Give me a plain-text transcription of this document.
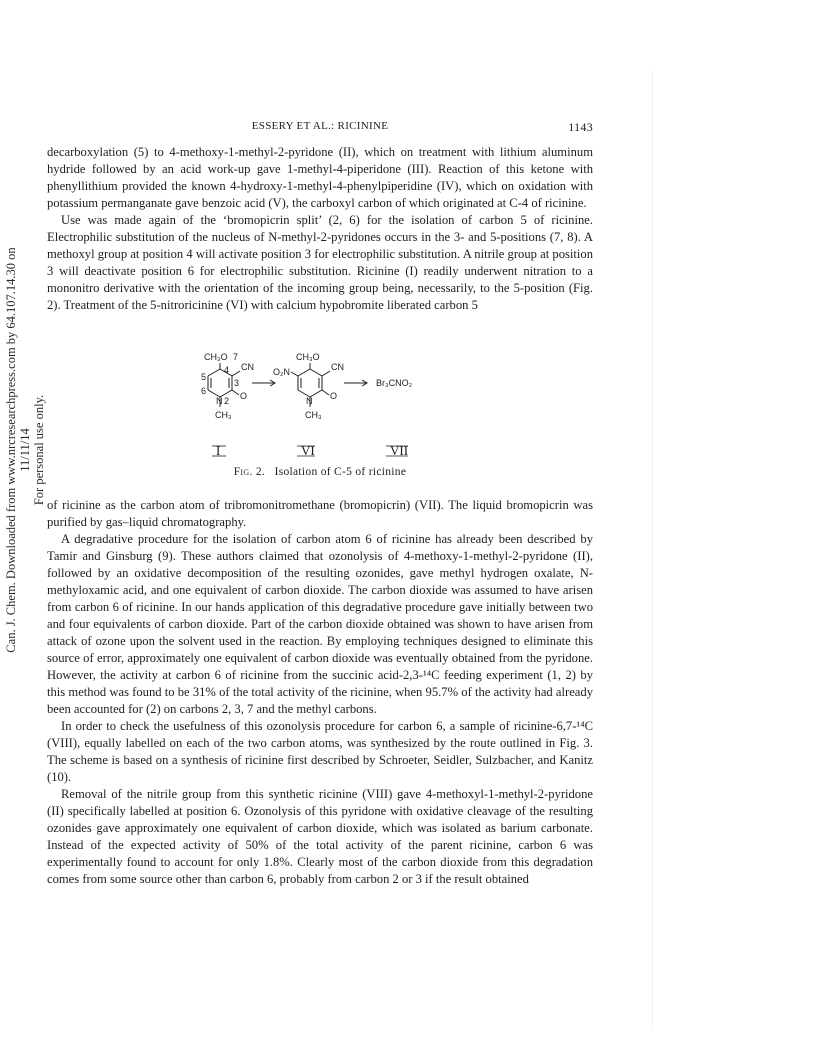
Can. J. Chem. Downloaded from www.nrcresearchpress.com by 64.107.14.30 on 11/11/14 For personal use only.
ESSERY ET AL.: RICININE	1143

decarboxylation (5) to 4-methoxy-1-methyl-2-pyridone (II), which on treatment with lithium aluminum hydride followed by an acid work-up gave 1-methyl-4-piperidone (III). Reaction of this ketone with phenyllithium provided the known 4-hydroxy-1-methyl-4-phenylpiperidine (IV), which on oxidation with potassium permanganate gave benzoic acid (V), the carboxyl carbon of which originated at C-4 of ricinine.

Use was made again of the ‘bromopicrin split’ (2, 6) for the isolation of carbon 5 of ricinine. Electrophilic substitution of the nucleus of N-methyl-2-pyridones occurs in the 3- and 5-positions (7, 8). A methoxyl group at position 4 will activate position 3 for electrophilic substitution. A nitrile group at position 3 will deactivate position 6 for electrophilic substitution. Ricinine (I) readily underwent nitration to a mononitro derivative with the orientation of the incoming group being, necessarily, to the 5-position (Fig. 2). Treatment of the 5-nitroricinine (VI) with calcium hypobromite liberated carbon 5

CH₃O 7
CN
4
3
5
6
N 2 O
CH₃
CH₃O
O₂N	CN
N O
CH₃
Br₃CNO₂
I	VI	VII
Fig. 2. Isolation of C-5 of ricinine

of ricinine as the carbon atom of tribromonitromethane (bromopicrin) (VII). The liquid bromopicrin was purified by gas–liquid chromatography.

A degradative procedure for the isolation of carbon atom 6 of ricinine has already been described by Tamir and Ginsburg (9). These authors claimed that ozonolysis of 4-methoxy-1-methyl-2-pyridone (II), followed by an oxidative decomposition of the resulting ozonides, gave methyl hydrogen oxalate, N-methyloxamic acid, and one equivalent of carbon dioxide. The carbon dioxide was assumed to have arisen from carbon 6 of ricinine. In our hands application of this degradative procedure gave initially between two and four equivalents of carbon dioxide. Part of the carbon dioxide obtained was shown to have arisen from attack of ozone upon the solvent used in the reaction. By employing techniques designed to eliminate this source of error, approximately one equivalent of carbon dioxide was eventually obtained from the pyridone. However, the activity at carbon 6 of ricinine from the succinic acid-2,3-¹⁴C feeding experiment (1, 2) by this method was found to be 31% of the total activity of the ricinine, when 95.7% of the activity had already been accounted for (2) on carbons 2, 3, 7 and the methyl carbons.

In order to check the usefulness of this ozonolysis procedure for carbon 6, a sample of ricinine-6,7-¹⁴C (VIII), equally labelled on each of the two carbon atoms, was synthesized by the route outlined in Fig. 3. The scheme is based on a synthesis of ricinine first described by Schroeter, Seidler, Sulzbacher, and Kanitz (10).

Removal of the nitrile group from this synthetic ricinine (VIII) gave 4-methoxyl-1-methyl-2-pyridone (II) specifically labelled at position 6. Ozonolysis of this pyridone with oxidative cleavage of the resulting ozonides gave approximately one equivalent of carbon dioxide, which was isolated as barium carbonate. Instead of the expected activity of 50% of the total activity of the parent ricinine, carbon 6 was experimentally found to account for only 1.8%. Clearly most of the carbon dioxide from this degradation comes from some source other than carbon 6, probably from carbon 2 or 3 if the result obtained
